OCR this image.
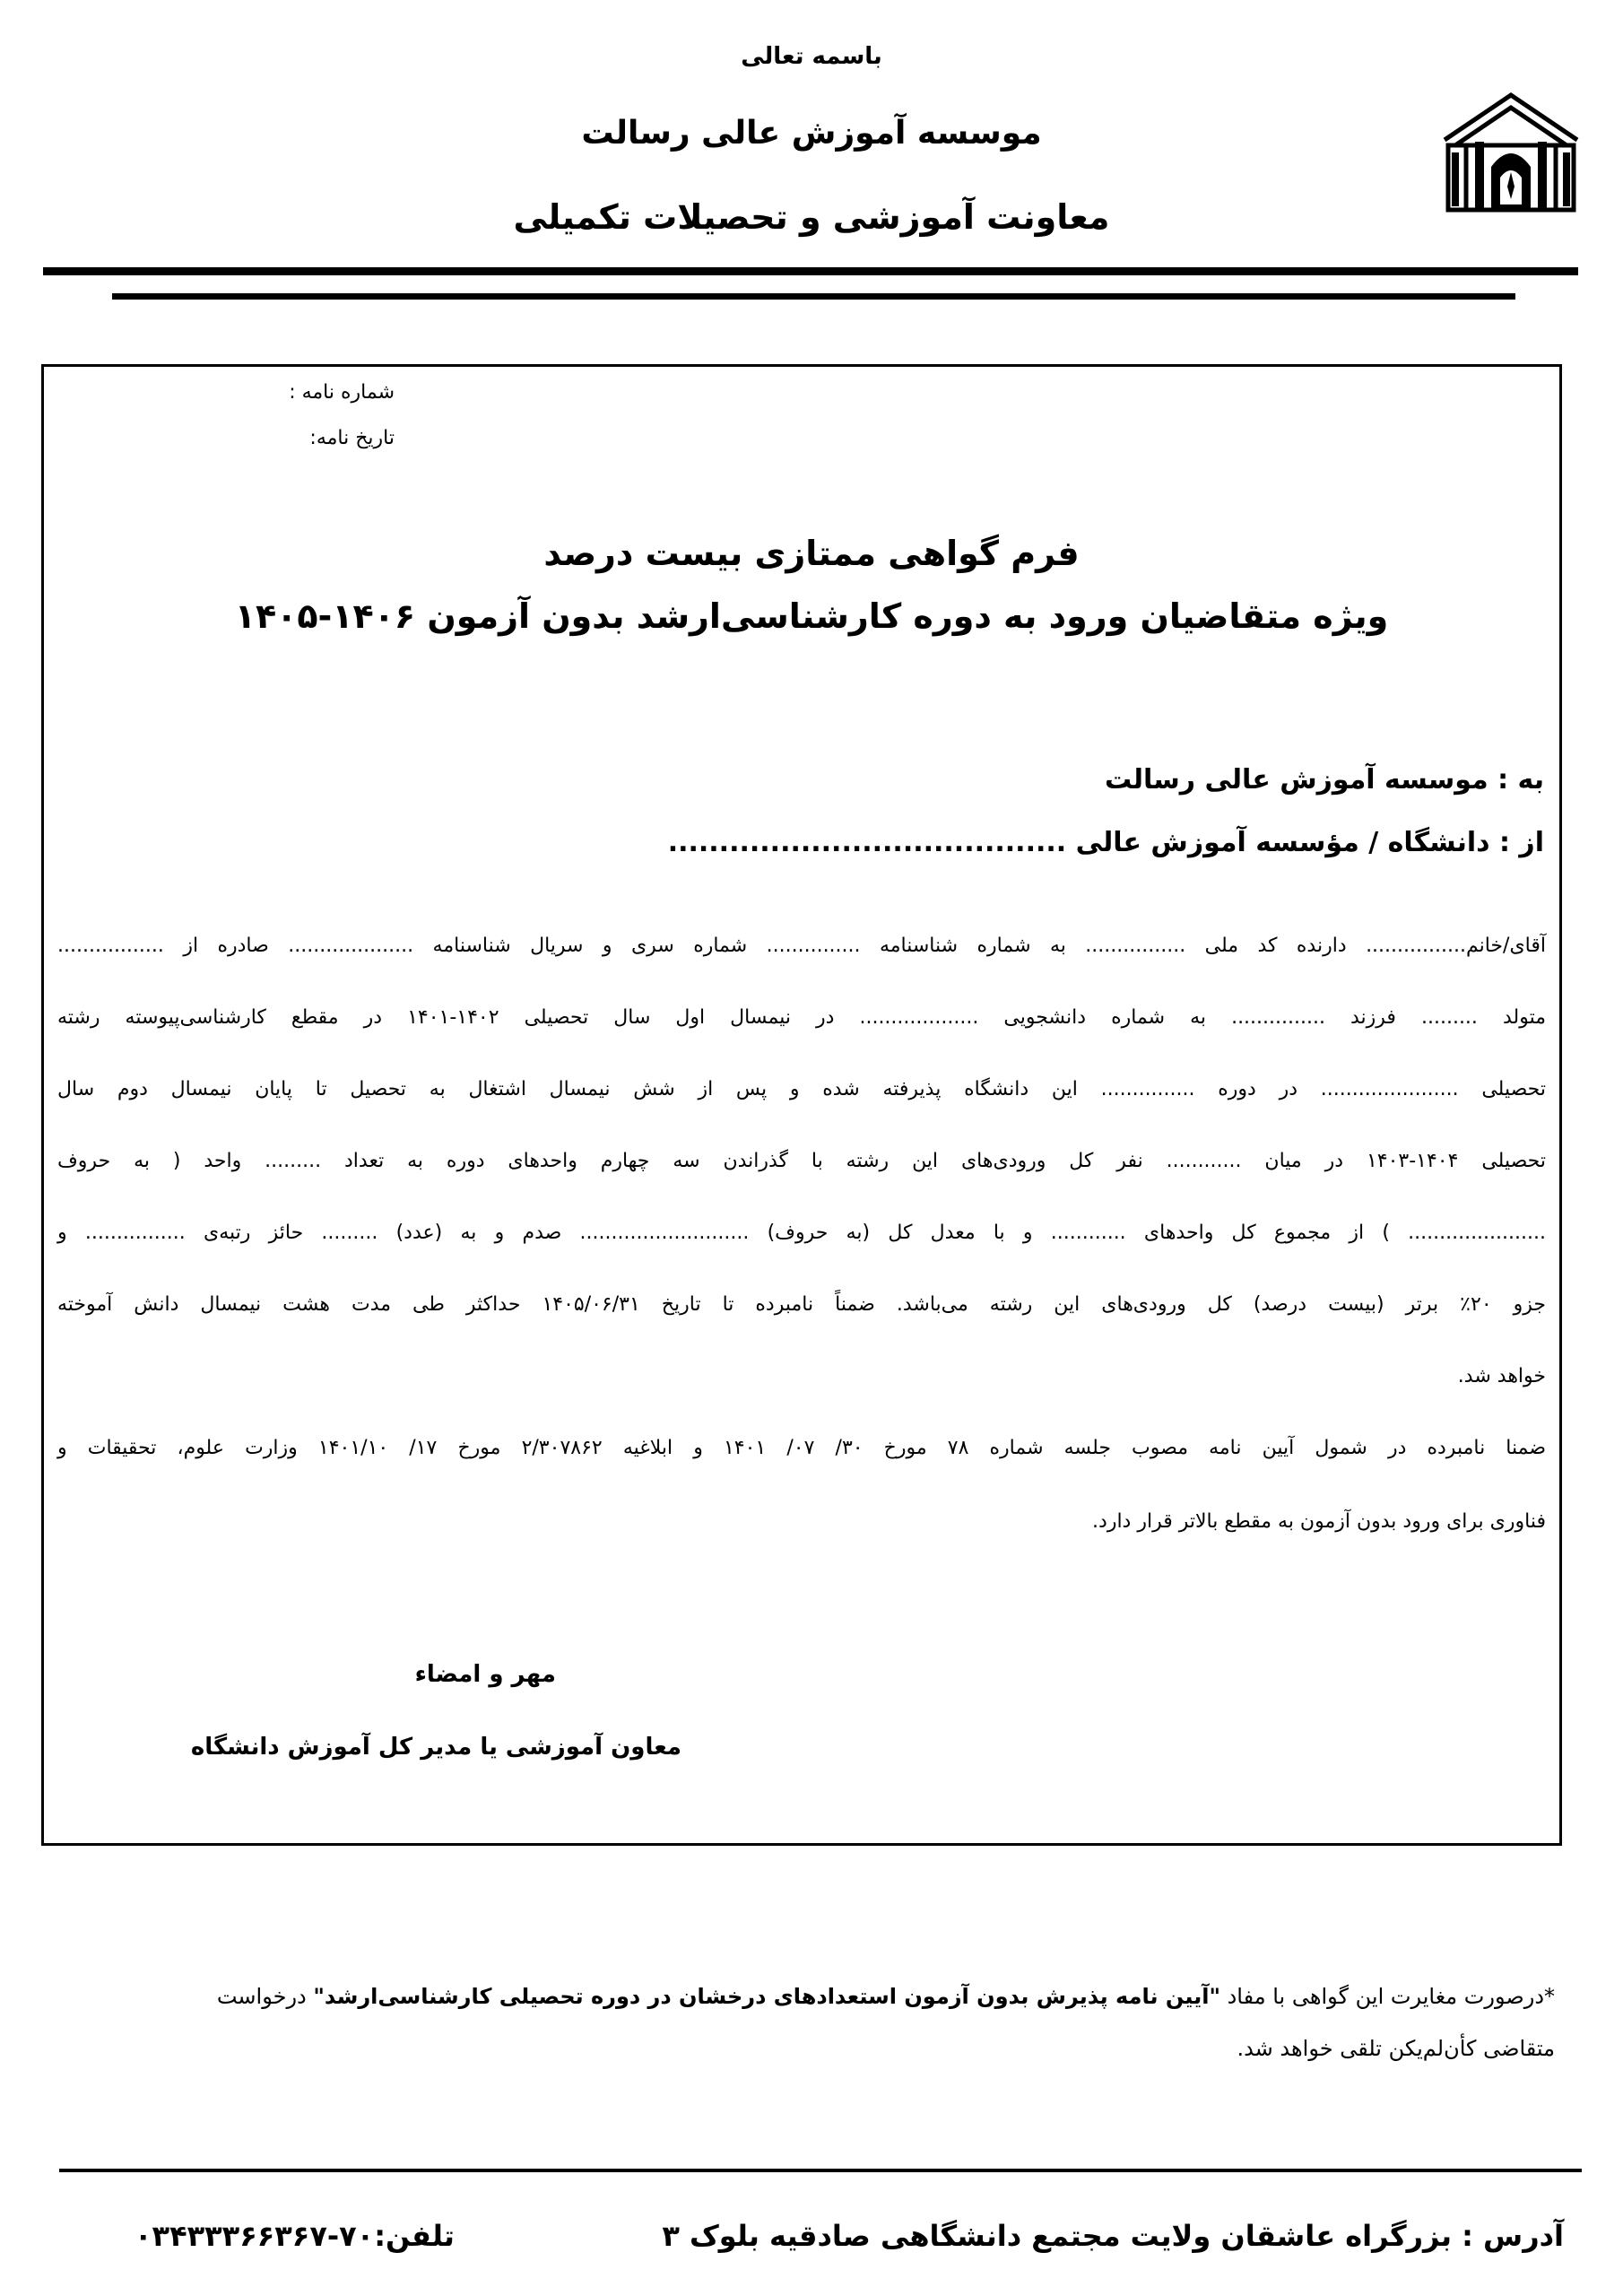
باسمه تعالی
موسسه آموزش عالی رسالت
معاونت آموزشی و تحصیلات تکمیلی
شماره نامه :
تاریخ نامه:
فرم گواهی ممتازی بیست درصد
ویژه متقاضیان ورود به دوره کارشناسی‌ارشد بدون آزمون ۱۴۰۶-۱۴۰۵
به : موسسه آموزش عالی رسالت
از : دانشگاه / مؤسسه آموزش عالی .......................................
آقای/خانم................ دارنده کد ملی ................ به شماره شناسنامه ............... شماره سری و سریال شناسنامه .................... صادره از .................
متولد ......... فرزند ............... به شماره دانشجویی ................... در نیمسال اول سال تحصیلی ۱۴۰۲-۱۴۰۱ در مقطع کارشناسی‌پیوسته رشته
تحصیلی ...................... در دوره ............... این دانشگاه پذیرفته شده و پس از شش نیمسال اشتغال به تحصیل تا پایان نیمسال دوم سال
تحصیلی ۱۴۰۴-۱۴۰۳ در میان ............ نفر کل ورودی‌های این رشته با گذراندن سه چهارم واحدهای دوره به تعداد ......... واحد ( به حروف
...................... ) از مجموع کل واحدهای ............ و با معدل کل (به حروف) ........................... صدم و به (عدد) ......... حائز رتبه‌ی ................ و
جزو ۲۰٪ برتر (بیست درصد) کل ورودی‌های این رشته می‌باشد. ضمناً نامبرده تا تاریخ ۱۴۰۵/۰۶/۳۱ حداکثر طی مدت هشت نیمسال دانش آموخته
خواهد شد.
ضمنا نامبرده در شمول آیین نامه مصوب جلسه شماره ۷۸ مورخ ۳۰/ ۰۷/ ۱۴۰۱ و ابلاغیه ۲/۳۰۷۸۶۲ مورخ ۱۷/ ۱۴۰۱/۱۰ وزارت علوم، تحقیقات و
فناوری برای ورود بدون آزمون به مقطع بالاتر قرار دارد.
مهر و امضاء
معاون آموزشی یا مدیر کل آموزش دانشگاه
*درصورت مغایرت این گواهی با مفاد "آیین نامه پذیرش بدون آزمون استعدادهای درخشان در دوره تحصیلی کارشناسی‌ارشد" درخواست
متقاضی کأن‌لم‌یکن تلقی خواهد شد.
آدرس : بزرگراه عاشقان ولایت مجتمع دانشگاهی صادقیه بلوک ۳
تلفن:۷۰-۰۳۴۳۳۳۶۶۳۶۷
